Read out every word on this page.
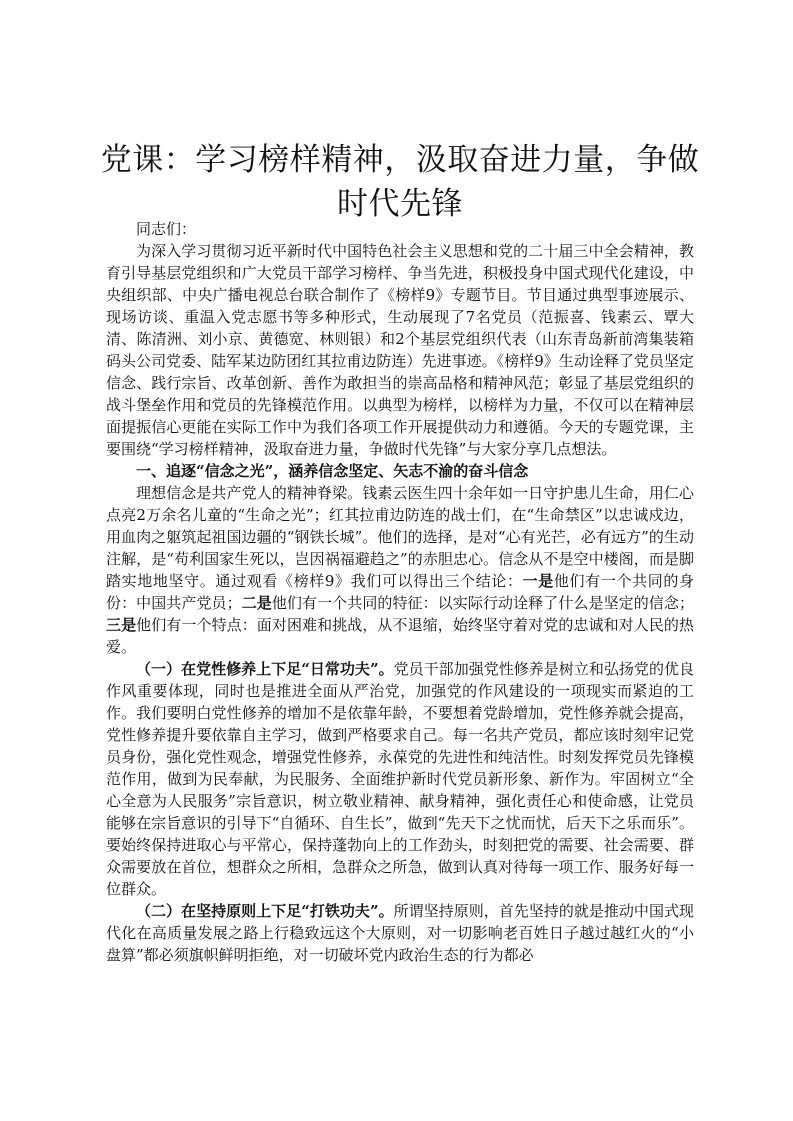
党课：学习榜样精神，汲取奋进力量，争做时代先锋

同志们：

为深入学习贯彻习近平新时代中国特色社会主义思想和党的二十届三中全会精神，教育引导基层党组织和广大党员干部学习榜样、争当先进，积极投身中国式现代化建设，中央组织部、中央广播电视总台联合制作了《榜样9》专题节目。节目通过典型事迹展示、现场访谈、重温入党志愿书等多种形式，生动展现了7名党员（范振喜、钱素云、覃大清、陈清洲、刘小京、黄德宽、林则银）和2个基层党组织代表（山东青岛新前湾集装箱码头公司党委、陆军某边防团红其拉甫边防连）先进事迹。《榜样9》生动诠释了党员坚定信念、践行宗旨、改革创新、善作为敢担当的崇高品格和精神风范；彰显了基层党组织的战斗堡垒作用和党员的先锋模范作用。以典型为榜样，以榜样为力量，不仅可以在精神层面提振信心更能在实际工作中为我们各项工作开展提供动力和遵循。今天的专题党课，主要围绕“学习榜样精神，汲取奋进力量，争做时代先锋”与大家分享几点想法。

一、追逐“信念之光”，涵养信念坚定、矢志不渝的奋斗信念

理想信念是共产党人的精神脊梁。钱素云医生四十余年如一日守护患儿生命，用仁心点亮2万余名儿童的“生命之光”；红其拉甫边防连的战士们，在“生命禁区”以忠诚戍边，用血肉之躯筑起祖国边疆的“钢铁长城”。他们的选择，是对“心有光芒，必有远方”的生动注解，是“苟利国家生死以，岂因祸福避趋之”的赤胆忠心。信念从不是空中楼阁，而是脚踏实地地坚守。通过观看《榜样9》我们可以得出三个结论：一是他们有一个共同的身份：中国共产党员；二是他们有一个共同的特征：以实际行动诠释了什么是坚定的信念；三是他们有一个特点：面对困难和挑战，从不退缩，始终坚守着对党的忠诚和对人民的热爱。

（一）在党性修养上下足“日常功夫”。党员干部加强党性修养是树立和弘扬党的优良作风重要体现，同时也是推进全面从严治党，加强党的作风建设的一项现实而紧迫的工作。我们要明白党性修养的增加不是依靠年龄，不要想着党龄增加，党性修养就会提高，党性修养提升要依靠自主学习，做到严格要求自己。每一名共产党员，都应该时刻牢记党员身份，强化党性观念，增强党性修养，永葆党的先进性和纯洁性。时刻发挥党员先锋模范作用，做到为民奉献，为民服务、全面维护新时代党员新形象、新作为。牢固树立“全心全意为人民服务”宗旨意识，树立敬业精神、献身精神，强化责任心和使命感，让党员能够在宗旨意识的引导下“自循环、自生长”，做到“先天下之忧而忧，后天下之乐而乐”。要始终保持进取心与平常心，保持蓬勃向上的工作劲头，时刻把党的需要、社会需要、群众需要放在首位，想群众之所相，急群众之所急，做到认真对待每一项工作、服务好每一位群众。

（二）在坚持原则上下足“打铁功夫”。所谓坚持原则，首先坚持的就是推动中国式现代化在高质量发展之路上行稳致远这个大原则，对一切影响老百姓日子越过越红火的“小盘算”都必须旗帜鲜明拒绝，对一切破坏党内政治生态的行为都必
